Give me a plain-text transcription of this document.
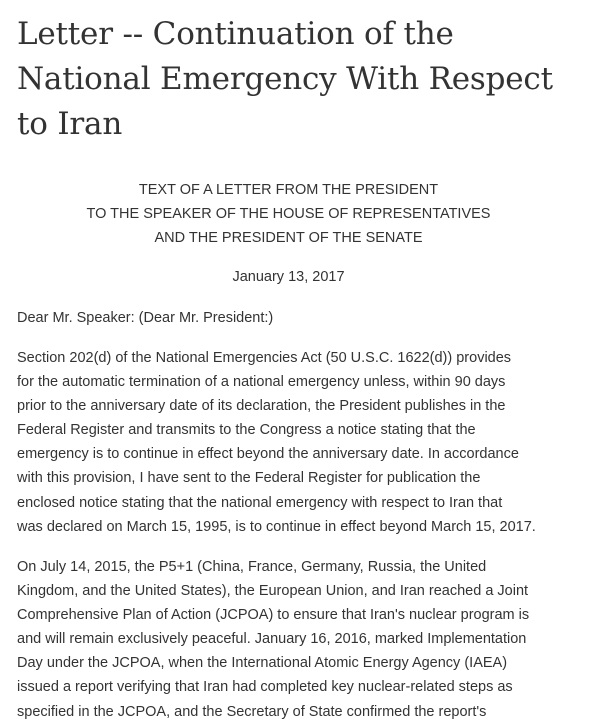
Letter -- Continuation of the
National Emergency With Respect
to Iran
TEXT OF A LETTER FROM THE PRESIDENT
TO THE SPEAKER OF THE HOUSE OF REPRESENTATIVES
AND THE PRESIDENT OF THE SENATE
January 13, 2017
Dear Mr. Speaker: (Dear Mr. President:)
Section 202(d) of the National Emergencies Act (50 U.S.C. 1622(d)) provides
for the automatic termination of a national emergency unless, within 90 days
prior to the anniversary date of its declaration, the President publishes in the
Federal Register and transmits to the Congress a notice stating that the
emergency is to continue in effect beyond the anniversary date. In accordance
with this provision, I have sent to the Federal Register for publication the
enclosed notice stating that the national emergency with respect to Iran that
was declared on March 15, 1995, is to continue in effect beyond March 15, 2017.
On July 14, 2015, the P5+1 (China, France, Germany, Russia, the United
Kingdom, and the United States), the European Union, and Iran reached a Joint
Comprehensive Plan of Action (JCPOA) to ensure that Iran's nuclear program is
and will remain exclusively peaceful. January 16, 2016, marked Implementation
Day under the JCPOA, when the International Atomic Energy Agency (IAEA)
issued a report verifying that Iran had completed key nuclear-related steps as
specified in the JCPOA, and the Secretary of State confirmed the report's
